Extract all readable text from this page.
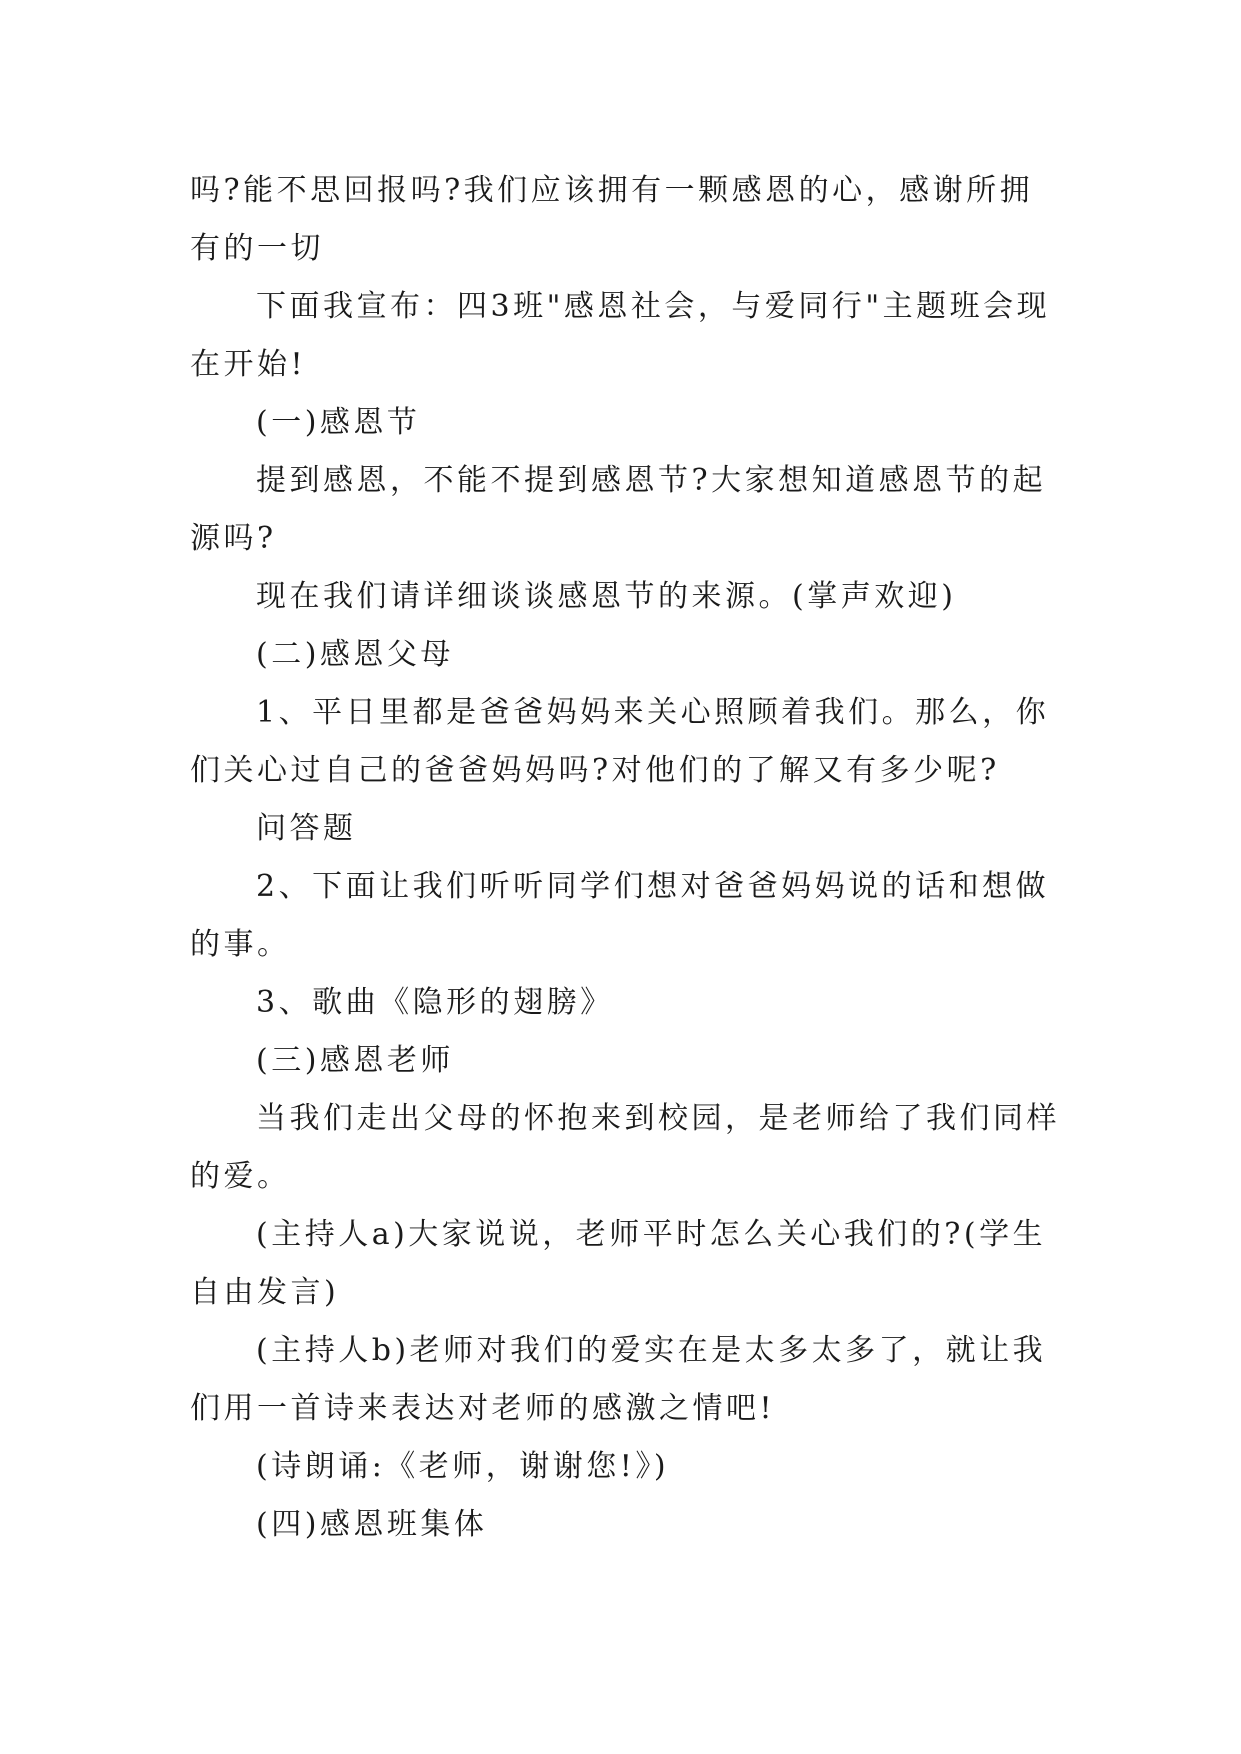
吗?能不思回报吗?我们应该拥有一颗感恩的心，感谢所拥有的一切

下面我宣布：四3班"感恩社会，与爱同行"主题班会现在开始!

(一)感恩节

提到感恩，不能不提到感恩节?大家想知道感恩节的起源吗?

现在我们请详细谈谈感恩节的来源。(掌声欢迎)

(二)感恩父母

1、平日里都是爸爸妈妈来关心照顾着我们。那么，你们关心过自己的爸爸妈妈吗?对他们的了解又有多少呢?

问答题

2、下面让我们听听同学们想对爸爸妈妈说的话和想做的事。

3、歌曲《隐形的翅膀》

(三)感恩老师

当我们走出父母的怀抱来到校园，是老师给了我们同样的爱。

(主持人a)大家说说，老师平时怎么关心我们的?(学生自由发言)

(主持人b)老师对我们的爱实在是太多太多了，就让我们用一首诗来表达对老师的感激之情吧!

(诗朗诵:《老师，谢谢您!》)

(四)感恩班集体
